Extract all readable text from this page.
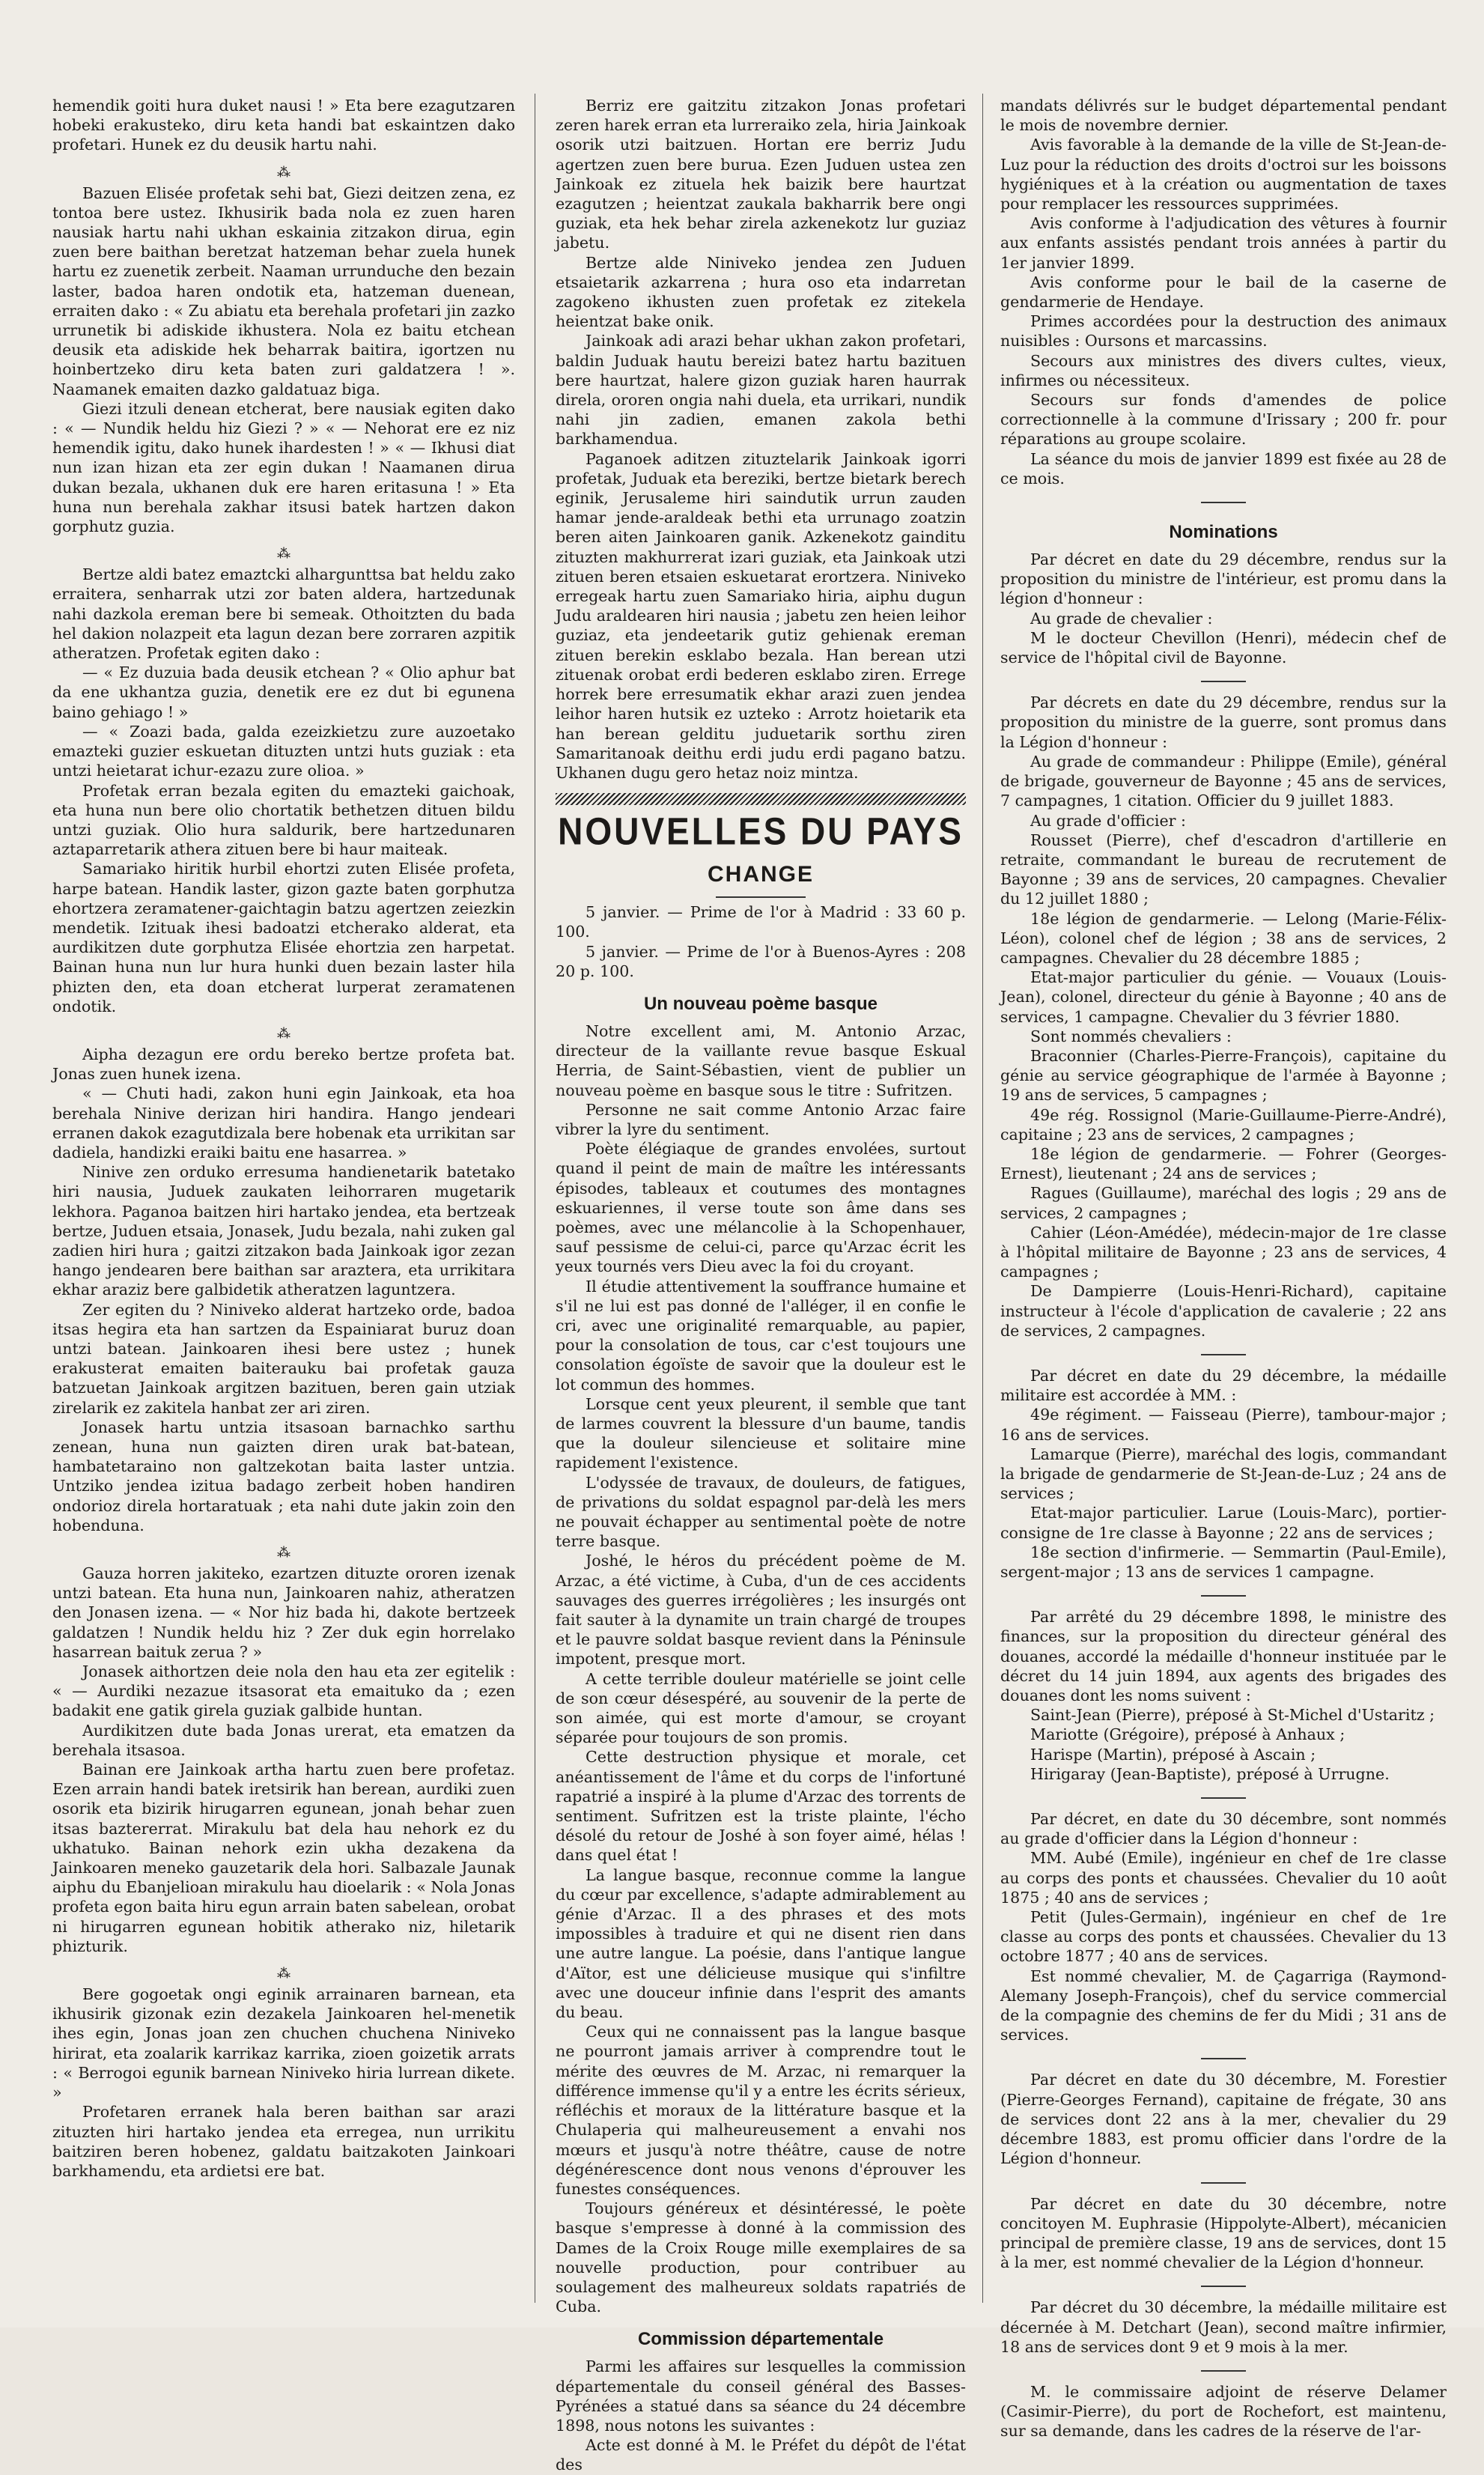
hemendik goiti hura duket nausi ! » Eta bere ezagutzaren hobeki erakusteko, diru keta handi bat eskaintzen dako profetari. Hunek ez du deusik hartu nahi.

⁂

Bazuen Elisée profetak sehi bat, Giezi deitzen zena, ez tontoa bere ustez. Ikhusirik bada nola ez zuen haren nausiak hartu nahi ukhan eskainia zitzakon dirua, egin zuen bere baithan beretzat hatzeman behar zuela hunek hartu ez zuenetik zerbeit. Naaman urrunduche den bezain laster, badoa haren ondotik eta, hatzeman duenean, erraiten dako : « Zu abiatu eta berehala profetari jin zazko urrunetik bi adiskide ikhustera. Nola ez baitu etchean deusik eta adiskide hek beharrak baitira, igortzen nu hoinbertzeko diru keta baten zuri galdatzera ! ». Naamanek emaiten dazko galdatuaz biga.

Giezi itzuli denean etcherat, bere nausiak egiten dako : « — Nundik heldu hiz Giezi ? » « — Nehorat ere ez niz hemendik igitu, dako hunek ihardesten ! » « — Ikhusi diat nun izan hizan eta zer egin dukan ! Naamanen dirua dukan bezala, ukhanen duk ere haren eritasuna ! » Eta huna nun berehala zakhar itsusi batek hartzen dakon gorphutz guzia.

⁂

Bertze aldi batez emaztcki alhargunttsa bat heldu zako erraitera, senharrak utzi zor baten aldera, hartzedunak nahi dazkola ereman bere bi semeak. Othoitzten du bada hel dakion nolazpeit eta lagun dezan bere zorraren azpitik atheratzen. Profetak egiten dako :

— « Ez duzuia bada deusik etchean ? « Olio aphur bat da ene ukhantza guzia, denetik ere ez dut bi egunena baino gehiago ! »

— « Zoazi bada, galda ezeizkietzu zure auzoetako emazteki guzier eskuetan dituzten untzi huts guziak : eta untzi heietarat ichur-ezazu zure olioa. »

Profetak erran bezala egiten du emazteki gaichoak, eta huna nun bere olio chortatik bethetzen dituen bildu untzi guziak. Olio hura saldurik, bere hartzedunaren aztaparretarik athera zituen bere bi haur maiteak.

Samariako hiritik hurbil ehortzi zuten Elisée profeta, harpe batean. Handik laster, gizon gazte baten gorphutza ehortzera zeramatener-gaichtagin batzu agertzen zeiezkin mendetik. Izituak ihesi badoatzi etcherako alderat, eta aurdikitzen dute gorphutza Elisée ehortzia zen harpetat. Bainan huna nun lur hura hunki duen bezain laster hila phizten den, eta doan etcherat lurperat zeramatenen ondotik.

⁂

Aipha dezagun ere ordu bereko bertze profeta bat. Jonas zuen hunek izena.

« — Chuti hadi, zakon huni egin Jainkoak, eta hoa berehala Ninive derizan hiri handira. Hango jendeari erranen dakok ezagutdizala bere hobenak eta urrikitan sar dadiela, handizki eraiki baitu ene hasarrea. »

Ninive zen orduko erresuma handienetarik batetako hiri nausia, Juduek zaukaten leihorraren mugetarik lekhora. Paganoa baitzen hiri hartako jendea, eta bertzeak bertze, Juduen etsaia, Jonasek, Judu bezala, nahi zuken gal zadien hiri hura ; gaitzi zitzakon bada Jainkoak igor zezan hango jendearen bere baithan sar araztera, eta urrikitara ekhar araziz bere galbidetik atheratzen laguntzera.

Zer egiten du ? Niniveko alderat hartzeko orde, badoa itsas hegira eta han sartzen da Espainiarat buruz doan untzi batean. Jainkoaren ihesi bere ustez ; hunek erakusterat emaiten baiterauku bai profetak gauza batzuetan Jainkoak argitzen bazituen, beren gain utziak zirelarik ez zakitela hanbat zer ari ziren.

Jonasek hartu untzia itsasoan barnachko sarthu zenean, huna nun gaizten diren urak bat-batean, hambatetaraino non galtzekotan baita laster untzia. Untziko jendea izitua badago zerbeit hoben handiren ondorioz direla hortaratuak ; eta nahi dute jakin zoin den hobenduna.

⁂

Gauza horren jakiteko, ezartzen dituzte ororen izenak untzi batean. Eta huna nun, Jainkoaren nahiz, atheratzen den Jonasen izena. — « Nor hiz bada hi, dakote bertzeek galdatzen ! Nundik heldu hiz ? Zer duk egin horrelako hasarrean baituk zerua ? »

Jonasek aithortzen deie nola den hau eta zer egitelik : « — Aurdiki nezazue itsasorat eta emaituko da ; ezen badakit ene gatik girela guziak galbide huntan.

Aurdikitzen dute bada Jonas urerat, eta ematzen da berehala itsasoa.

Bainan ere Jainkoak artha hartu zuen bere profetaz. Ezen arrain handi batek iretsirik han berean, aurdiki zuen osorik eta bizirik hirugarren egunean, jonah behar zuen itsas baztererrat. Mirakulu bat dela hau nehork ez du ukhatuko. Bainan nehork ezin ukha dezakena da Jainkoaren meneko gauzetarik dela hori. Salbazale Jaunak aiphu du Ebanjelioan mirakulu hau dioelarik : « Nola Jonas profeta egon baita hiru egun arrain baten sabelean, orobat ni hirugarren egunean hobitik atherako niz, hiletarik phizturik.

⁂

Bere gogoetak ongi eginik arrainaren barnean, eta ikhusirik gizonak ezin dezakela Jainkoaren hel-menetik ihes egin, Jonas joan zen chuchen chuchena Niniveko hirirat, eta zoalarik karrikaz karrika, zioen goizetik arrats : « Berrogoi egunik barnean Niniveko hiria lurrean dikete. »

Profetaren erranek hala beren baithan sar arazi zituzten hiri hartako jendea eta erregea, nun urrikitu baitziren beren hobenez, galdatu baitzakoten Jainkoari barkhamendu, eta ardietsi ere bat.

Berriz ere gaitzitu zitzakon Jonas profetari zeren harek erran eta lurreraiko zela, hiria Jainkoak osorik utzi baitzuen. Hortan ere berriz Judu agertzen zuen bere burua. Ezen Juduen ustea zen Jainkoak ez zituela hek baizik bere haurtzat ezagutzen ; heientzat zaukala bakharrik bere ongi guziak, eta hek behar zirela azkenekotz lur guziaz jabetu.

Bertze alde Niniveko jendea zen Juduen etsaietarik azkarrena ; hura oso eta indarretan zagokeno ikhusten zuen profetak ez zitekela heientzat bake onik.

Jainkoak adi arazi behar ukhan zakon profetari, baldin Juduak hautu bereizi batez hartu bazituen bere haurtzat, halere gizon guziak haren haurrak direla, ororen ongia nahi duela, eta urrikari, nundik nahi jin zadien, emanen zakola bethi barkhamendua.

Paganoek aditzen zituztelarik Jainkoak igorri profetak, Juduak eta bereziki, bertze bietark berech eginik, Jerusaleme hiri saindutik urrun zauden hamar jende-araldeak bethi eta urrunago zoatzin beren aiten Jainkoaren ganik. Azkenekotz gainditu zituzten makhurrerat izari guziak, eta Jainkoak utzi zituen beren etsaien eskuetarat erortzera. Niniveko erregeak hartu zuen Samariako hiria, aiphu dugun Judu araldearen hiri nausia ; jabetu zen heien leihor guziaz, eta jendeetarik gutiz gehienak ereman zituen berekin esklabo bezala. Han berean utzi zituenak orobat erdi bederen esklabo ziren. Errege horrek bere erresumatik ekhar arazi zuen jendea leihor haren hutsik ez uzteko : Arrotz hoietarik eta han berean gelditu juduetarik sorthu ziren Samaritanoak deithu erdi judu erdi pagano batzu. Ukhanen dugu gero hetaz noiz mintza.

NOUVELLES DU PAYS
CHANGE

5 janvier. — Prime de l'or à Madrid : 33 60 p. 100.

5 janvier. — Prime de l'or à Buenos-Ayres : 208 20 p. 100.

Un nouveau poème basque

Notre excellent ami, M. Antonio Arzac, directeur de la vaillante revue basque Eskual Herria, de Saint-Sébastien, vient de publier un nouveau poème en basque sous le titre : Sufritzen.

Personne ne sait comme Antonio Arzac faire vibrer la lyre du sentiment.

Poète élégiaque de grandes envolées, surtout quand il peint de main de maître les intéressants épisodes, tableaux et coutumes des montagnes eskuariennes, il verse toute son âme dans ses poèmes, avec une mélancolie à la Schopenhauer, sauf pessisme de celui-ci, parce qu'Arzac écrit les yeux tournés vers Dieu avec la foi du croyant.

Il étudie attentivement la souffrance humaine et s'il ne lui est pas donné de l'alléger, il en confie le cri, avec une originalité remarquable, au papier, pour la consolation de tous, car c'est toujours une consolation égoïste de savoir que la douleur est le lot commun des hommes.

Lorsque cent yeux pleurent, il semble que tant de larmes couvrent la blessure d'un baume, tandis que la douleur silencieuse et solitaire mine rapidement l'existence.

L'odyssée de travaux, de douleurs, de fatigues, de privations du soldat espagnol par-delà les mers ne pouvait échapper au sentimental poète de notre terre basque.

Joshé, le héros du précédent poème de M. Arzac, a été victime, à Cuba, d'un de ces accidents sauvages des guerres irrégolières ; les insurgés ont fait sauter à la dynamite un train chargé de troupes et le pauvre soldat basque revient dans la Péninsule impotent, presque mort.

A cette terrible douleur matérielle se joint celle de son cœur désespéré, au souvenir de la perte de son aimée, qui est morte d'amour, se croyant séparée pour toujours de son promis.

Cette destruction physique et morale, cet anéantissement de l'âme et du corps de l'infortuné rapatrié a inspiré à la plume d'Arzac des torrents de sentiment. Sufritzen est la triste plainte, l'écho désolé du retour de Joshé à son foyer aimé, hélas ! dans quel état !

La langue basque, reconnue comme la langue du cœur par excellence, s'adapte admirablement au génie d'Arzac. Il a des phrases et des mots impossibles à traduire et qui ne disent rien dans une autre langue. La poésie, dans l'antique langue d'Aïtor, est une délicieuse musique qui s'infiltre avec une douceur infinie dans l'esprit des amants du beau.

Ceux qui ne connaissent pas la langue basque ne pourront jamais arriver à comprendre tout le mérite des œuvres de M. Arzac, ni remarquer la différence immense qu'il y a entre les écrits sérieux, réfléchis et moraux de la littérature basque et la Chulaperia qui malheureusement a envahi nos mœurs et jusqu'à notre théâtre, cause de notre dégénérescence dont nous venons d'éprouver les funestes conséquences.

Toujours généreux et désintéressé, le poète basque s'empresse à donné à la commission des Dames de la Croix Rouge mille exemplaires de sa nouvelle production, pour contribuer au soulagement des malheureux soldats rapatriés de Cuba.

Commission départementale

Parmi les affaires sur lesquelles la commission départementale du conseil général des Basses-Pyrénées a statué dans sa séance du 24 décembre 1898, nous notons les suivantes :

Acte est donné à M. le Préfet du dépôt de l'état des

mandats délivrés sur le budget départemental pendant le mois de novembre dernier.

Avis favorable à la demande de la ville de St-Jean-de-Luz pour la réduction des droits d'octroi sur les boissons hygiéniques et à la création ou augmentation de taxes pour remplacer les ressources supprimées.

Avis conforme à l'adjudication des vêtures à fournir aux enfants assistés pendant trois années à partir du 1er janvier 1899.

Avis conforme pour le bail de la caserne de gendarmerie de Hendaye.

Primes accordées pour la destruction des animaux nuisibles : Oursons et marcassins.

Secours aux ministres des divers cultes, vieux, infirmes ou nécessiteux.

Secours sur fonds d'amendes de police correctionnelle à la commune d'Irissary ; 200 fr. pour réparations au groupe scolaire.

La séance du mois de janvier 1899 est fixée au 28 de ce mois.

Nominations

Par décret en date du 29 décembre, rendus sur la proposition du ministre de l'intérieur, est promu dans la légion d'honneur :

Au grade de chevalier :

M le docteur Chevillon (Henri), médecin chef de service de l'hôpital civil de Bayonne.

Par décrets en date du 29 décembre, rendus sur la proposition du ministre de la guerre, sont promus dans la Légion d'honneur :

Au grade de commandeur : Philippe (Emile), général de brigade, gouverneur de Bayonne ; 45 ans de services, 7 campagnes, 1 citation. Officier du 9 juillet 1883.

Au grade d'officier :

Rousset (Pierre), chef d'escadron d'artillerie en retraite, commandant le bureau de recrutement de Bayonne ; 39 ans de services, 20 campagnes. Chevalier du 12 juillet 1880 ;

18e légion de gendarmerie. — Lelong (Marie-Félix-Léon), colonel chef de légion ; 38 ans de services, 2 campagnes. Chevalier du 28 décembre 1885 ;

Etat-major particulier du génie. — Vouaux (Louis-Jean), colonel, directeur du génie à Bayonne ; 40 ans de services, 1 campagne. Chevalier du 3 février 1880.

Sont nommés chevaliers :

Braconnier (Charles-Pierre-François), capitaine du génie au service géographique de l'armée à Bayonne ; 19 ans de services, 5 campagnes ;

49e rég. Rossignol (Marie-Guillaume-Pierre-André), capitaine ; 23 ans de services, 2 campagnes ;

18e légion de gendarmerie. — Fohrer (Georges-Ernest), lieutenant ; 24 ans de services ;

Ragues (Guillaume), maréchal des logis ; 29 ans de services, 2 campagnes ;

Cahier (Léon-Amédée), médecin-major de 1re classe à l'hôpital militaire de Bayonne ; 23 ans de services, 4 campagnes ;

De Dampierre (Louis-Henri-Richard), capitaine instructeur à l'école d'application de cavalerie ; 22 ans de services, 2 campagnes.

Par décret en date du 29 décembre, la médaille militaire est accordée à MM. :

49e régiment. — Faisseau (Pierre), tambour-major ; 16 ans de services.

Lamarque (Pierre), maréchal des logis, commandant la brigade de gendarmerie de St-Jean-de-Luz ; 24 ans de services ;

Etat-major particulier. Larue (Louis-Marc), portier-consigne de 1re classe à Bayonne ; 22 ans de services ;

18e section d'infirmerie. — Semmartin (Paul-Emile), sergent-major ; 13 ans de services 1 campagne.

Par arrêté du 29 décembre 1898, le ministre des finances, sur la proposition du directeur général des douanes, accordé la médaille d'honneur instituée par le décret du 14 juin 1894, aux agents des brigades des douanes dont les noms suivent :

Saint-Jean (Pierre), préposé à St-Michel d'Ustaritz ;

Mariotte (Grégoire), préposé à Anhaux ;

Harispe (Martin), préposé à Ascain ;

Hirigaray (Jean-Baptiste), préposé à Urrugne.

Par décret, en date du 30 décembre, sont nommés au grade d'officier dans la Légion d'honneur :

MM. Aubé (Emile), ingénieur en chef de 1re classe au corps des ponts et chaussées. Chevalier du 10 août 1875 ; 40 ans de services ;

Petit (Jules-Germain), ingénieur en chef de 1re classe au corps des ponts et chaussées. Chevalier du 13 octobre 1877 ; 40 ans de services.

Est nommé chevalier, M. de Çagarriga (Raymond-Alemany Joseph-François), chef du service commercial de la compagnie des chemins de fer du Midi ; 31 ans de services.

Par décret en date du 30 décembre, M. Forestier (Pierre-Georges Fernand), capitaine de frégate, 30 ans de services dont 22 ans à la mer, chevalier du 29 décembre 1883, est promu officier dans l'ordre de la Légion d'honneur.

Par décret en date du 30 décembre, notre concitoyen M. Euphrasie (Hippolyte-Albert), mécanicien principal de première classe, 19 ans de services, dont 15 à la mer, est nommé chevalier de la Légion d'honneur.

Par décret du 30 décembre, la médaille militaire est décernée à M. Detchart (Jean), second maître infirmier, 18 ans de services dont 9 et 9 mois à la mer.

M. le commissaire adjoint de réserve Delamer (Casimir-Pierre), du port de Rochefort, est maintenu, sur sa demande, dans les cadres de la réserve de l'ar-
